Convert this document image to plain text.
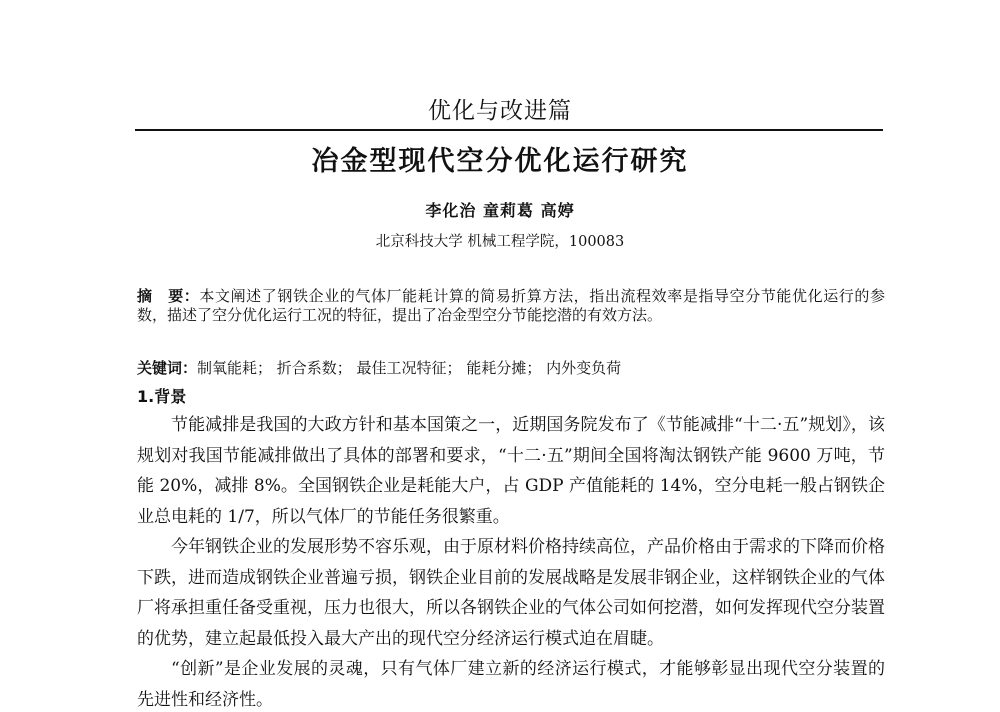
优化与改进篇
冶金型现代空分优化运行研究
李化治 童莉葛 高婷
北京科技大学 机械工程学院，100083
摘　要：本文阐述了钢铁企业的气体厂能耗计算的简易折算方法，指出流程效率是指导空分节能优化运行的参数，描述了空分优化运行工况的特征，提出了冶金型空分节能挖潜的有效方法。
关键词：制氧能耗； 折合系数； 最佳工况特征； 能耗分摊； 内外变负荷
1.背景

节能减排是我国的大政方针和基本国策之一，近期国务院发布了《节能减排“十二·五”规划》，该规划对我国节能减排做出了具体的部署和要求，“十二·五”期间全国将淘汰钢铁产能 9600 万吨，节能 20%，减排 8%。全国钢铁企业是耗能大户，占 GDP 产值能耗的 14%，空分电耗一般占钢铁企业总电耗的 1/7，所以气体厂的节能任务很繁重。

今年钢铁企业的发展形势不容乐观，由于原材料价格持续高位，产品价格由于需求的下降而价格下跌，进而造成钢铁企业普遍亏损，钢铁企业目前的发展战略是发展非钢企业，这样钢铁企业的气体厂将承担重任备受重视，压力也很大，所以各钢铁企业的气体公司如何挖潜，如何发挥现代空分装置的优势，建立起最低投入最大产出的现代空分经济运行模式迫在眉睫。

“创新”是企业发展的灵魂，只有气体厂建立新的经济运行模式，才能够彰显出现代空分装置的先进性和经济性。
